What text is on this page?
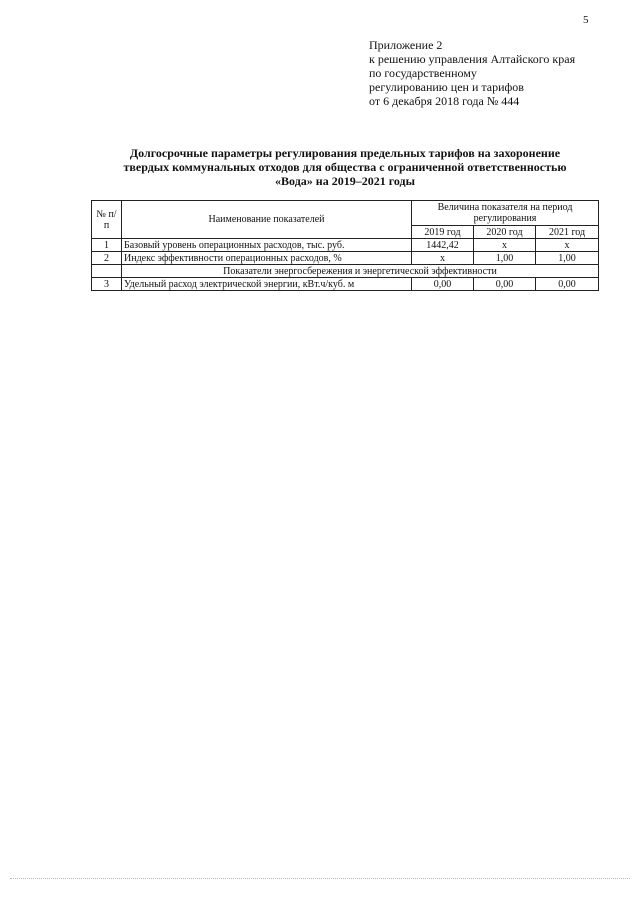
5
Приложение 2
к решению управления Алтайского края
по государственному
регулированию цен и тарифов
от 6 декабря 2018 года № 444
Долгосрочные параметры регулирования предельных тарифов на захоронение
твердых коммунальных отходов для общества с ограниченной ответственностью
«Вода» на 2019–2021 годы
№ п/п	Наименование показателей	Величина показателя на период регулирования		
		2019 год	2020 год	2021 год
1	Базовый уровень операционных расходов, тыс. руб.	1442,42	x	x
2	Индекс эффективности операционных расходов, %	x	1,00	1,00
	Показатели энергосбережения и энергетической эффективности			
3	Удельный расход электрической энергии, кВт.ч/куб. м	0,00	0,00	0,00
